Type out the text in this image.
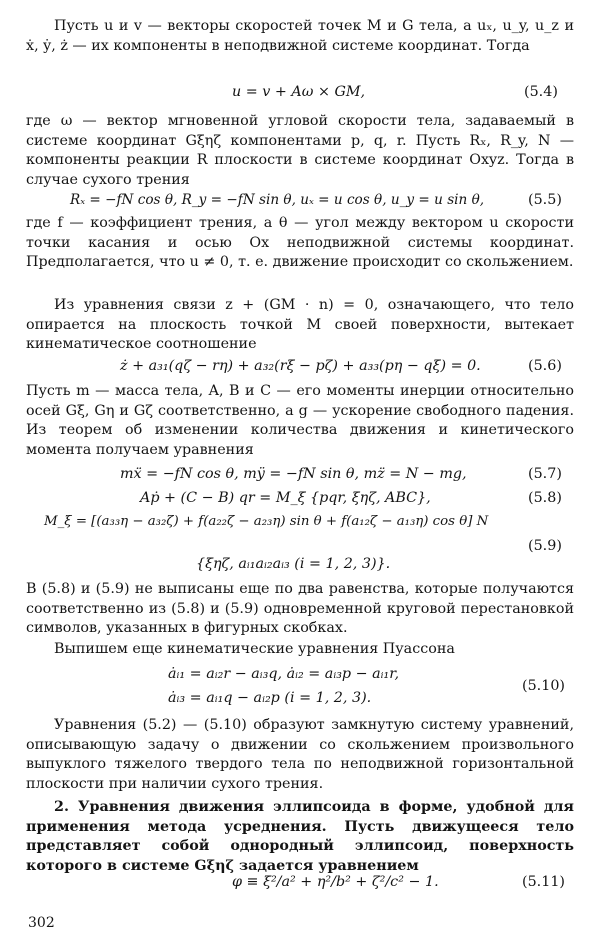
Пусть u и v — векторы скоростей точек M и G тела, а uₓ, u_y, u_z и ẋ, ẏ, ż — их компоненты в неподвижной системе координат. Тогда
u = v + Aω × GM,	(5.4)
где ω — вектор мгновенной угловой скорости тела, задаваемый в системе координат Gξηζ компонентами p, q, r. Пусть Rₓ, R_y, N — компоненты реакции R плоскости в системе координат Oxyz. Тогда в случае сухого трения
Rₓ = −fN cos θ, R_y = −fN sin θ, uₓ = u cos θ, u_y = u sin θ,	(5.5)
где f — коэффициент трения, а θ — угол между вектором u скорости точки касания и осью Ox неподвижной системы координат. Предполагается, что u ≠ 0, т. е. движение происходит со скольжением.
Из уравнения связи z + (GM · n) = 0, означающего, что тело опирается на плоскость точкой M своей поверхности, вытекает кинематическое соотношение
ż + a₃₁(qζ − rη) + a₃₂(rξ − pζ) + a₃₃(pη − qξ) = 0.	(5.6)
Пусть m — масса тела, A, B и C — его моменты инерции относительно осей Gξ, Gη и Gζ соответственно, а g — ускорение свободного падения. Из теорем об изменении количества движения и кинетического момента получаем уравнения
mẍ = −fN cos θ, mÿ = −fN sin θ, mz̈ = N − mg,	(5.7)
Aṗ + (C − B) qr = M_ξ {pqr, ξηζ, ABC},	(5.8)
M_ξ = [(a₃₃η − a₃₂ζ) + f(a₂₂ζ − a₂₃η) sin θ + f(a₁₂ζ − a₁₃η) cos θ] N
(5.9)
{ξηζ, aᵢ₁aᵢ₂aᵢ₃ (i = 1, 2, 3)}.
В (5.8) и (5.9) не выписаны еще по два равенства, которые получаются соответственно из (5.8) и (5.9) одновременной круговой перестановкой символов, указанных в фигурных скобках.
Выпишем еще кинематические уравнения Пуассона
ȧᵢ₁ = aᵢ₂r − aᵢ₃q, ȧᵢ₂ = aᵢ₃p − aᵢ₁r,
(5.10)
ȧᵢ₃ = aᵢ₁q − aᵢ₂p (i = 1, 2, 3).
Уравнения (5.2) — (5.10) образуют замкнутую систему уравнений, описывающую задачу о движении со скольжением произвольного выпуклого тяжелого твердого тела по неподвижной горизонтальной плоскости при наличии сухого трения.
2. Уравнения движения эллипсоида в форме, удобной для применения метода усреднения. Пусть движущееся тело представляет собой однородный эллипсоид, поверхность которого в системе Gξηζ задается уравнением
φ ≡ ξ²/a² + η²/b² + ζ²/c² − 1.	(5.11)
302
